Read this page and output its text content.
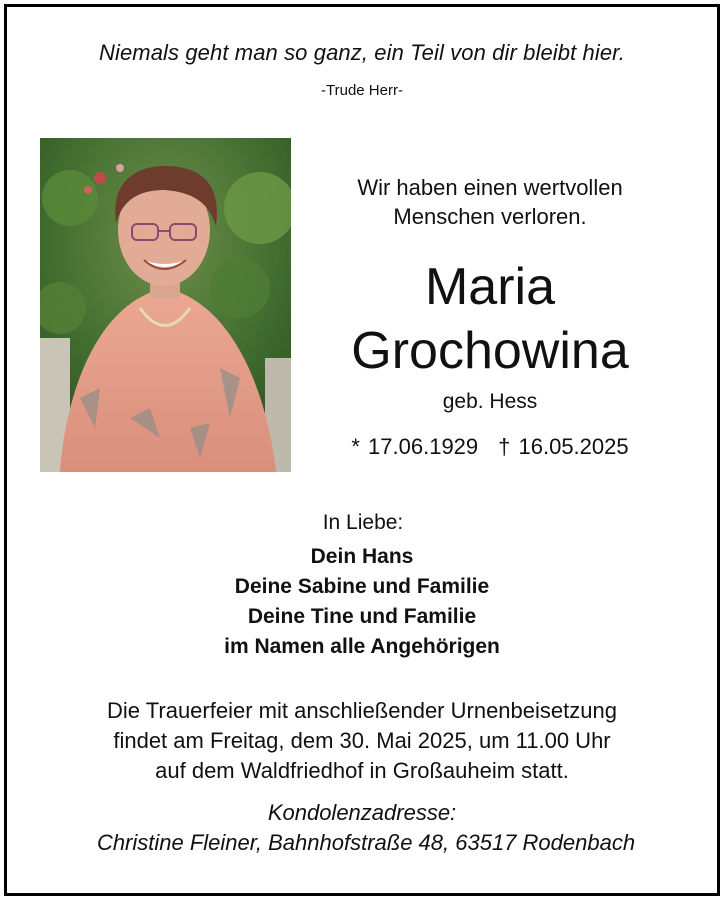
Niemals geht man so ganz, ein Teil von dir bleibt hier.
-Trude Herr-
Wir haben einen wertvollen
Menschen verloren.
Maria
Grochowina
geb. Hess
* 17.06.1929 † 16.05.2025
In Liebe:
Dein Hans
Deine Sabine und Familie
Deine Tine und Familie
im Namen alle Angehörigen
Die Trauerfeier mit anschließender Urnenbeisetzung
findet am Freitag, dem 30. Mai 2025, um 11.00 Uhr
auf dem Waldfriedhof in Großauheim statt.
Kondolenzadresse:
Christine Fleiner, Bahnhofstraße 48, 63517 Rodenbach
